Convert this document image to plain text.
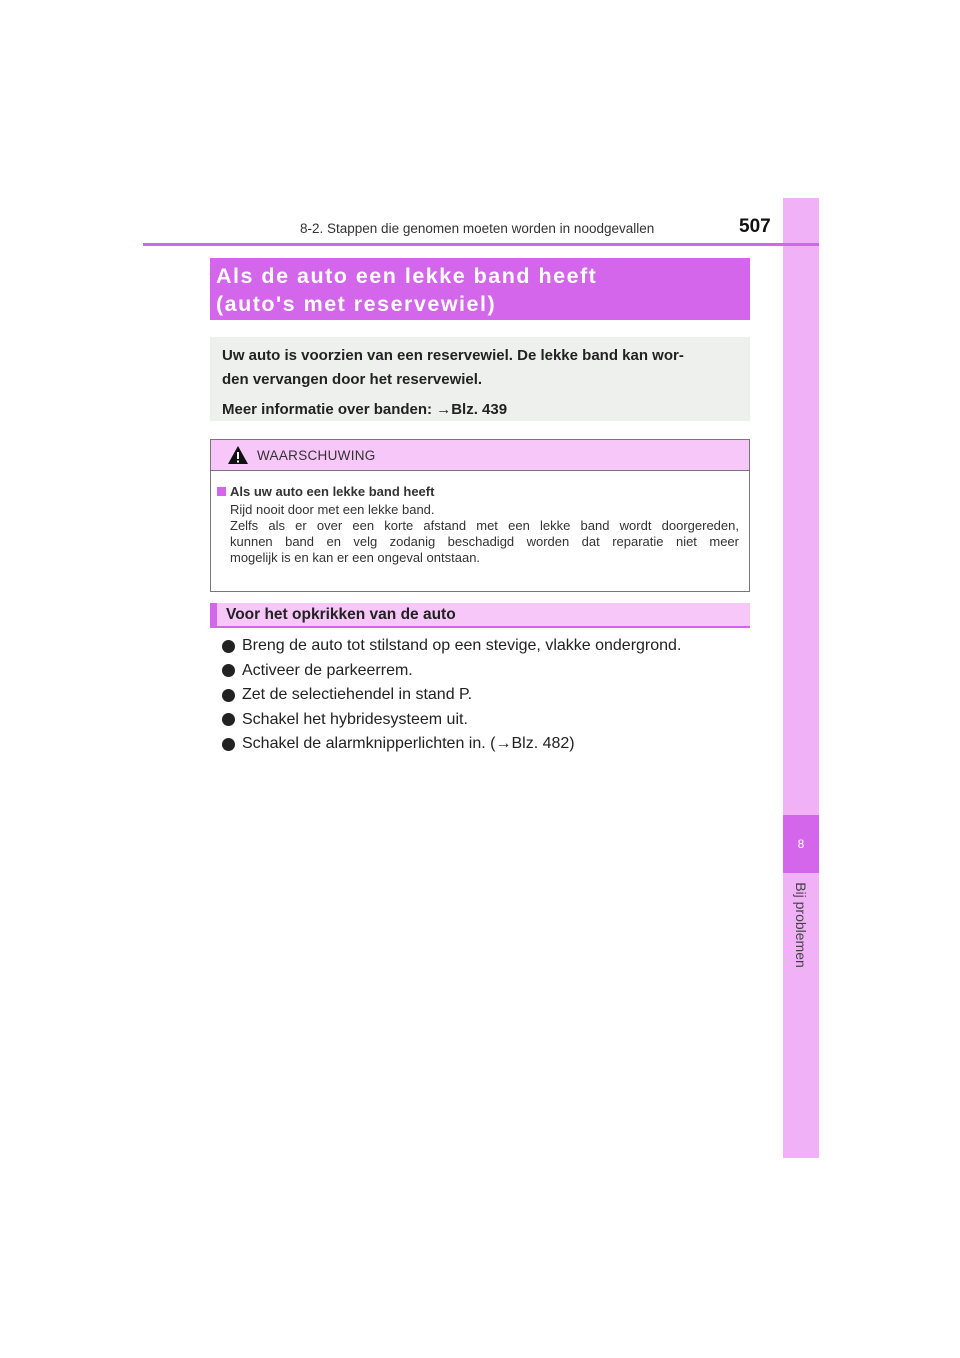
8
Bij problemen
8-2. Stappen die genomen moeten worden in noodgevallen	507
Als de auto een lekke band heeft
(auto's met reservewiel)

Uw auto is voorzien van een reservewiel. De lekke band kan wor-

den vervangen door het reservewiel.

Meer informatie over banden: →Blz. 439

WAARSCHUWING
Als uw auto een lekke band heeft
Rijd nooit door met een lekke band.
Zelfs als er over een korte afstand met een lekke band wordt doorgereden,
kunnen band en velg zodanig beschadigd worden dat reparatie niet meer
mogelijk is en kan er een ongeval ontstaan.
Voor het opkrikken van de auto
Breng de auto tot stilstand op een stevige, vlakke ondergrond.
Activeer de parkeerrem.
Zet de selectiehendel in stand P.
Schakel het hybridesysteem uit.
Schakel de alarmknipperlichten in. (→Blz. 482)
